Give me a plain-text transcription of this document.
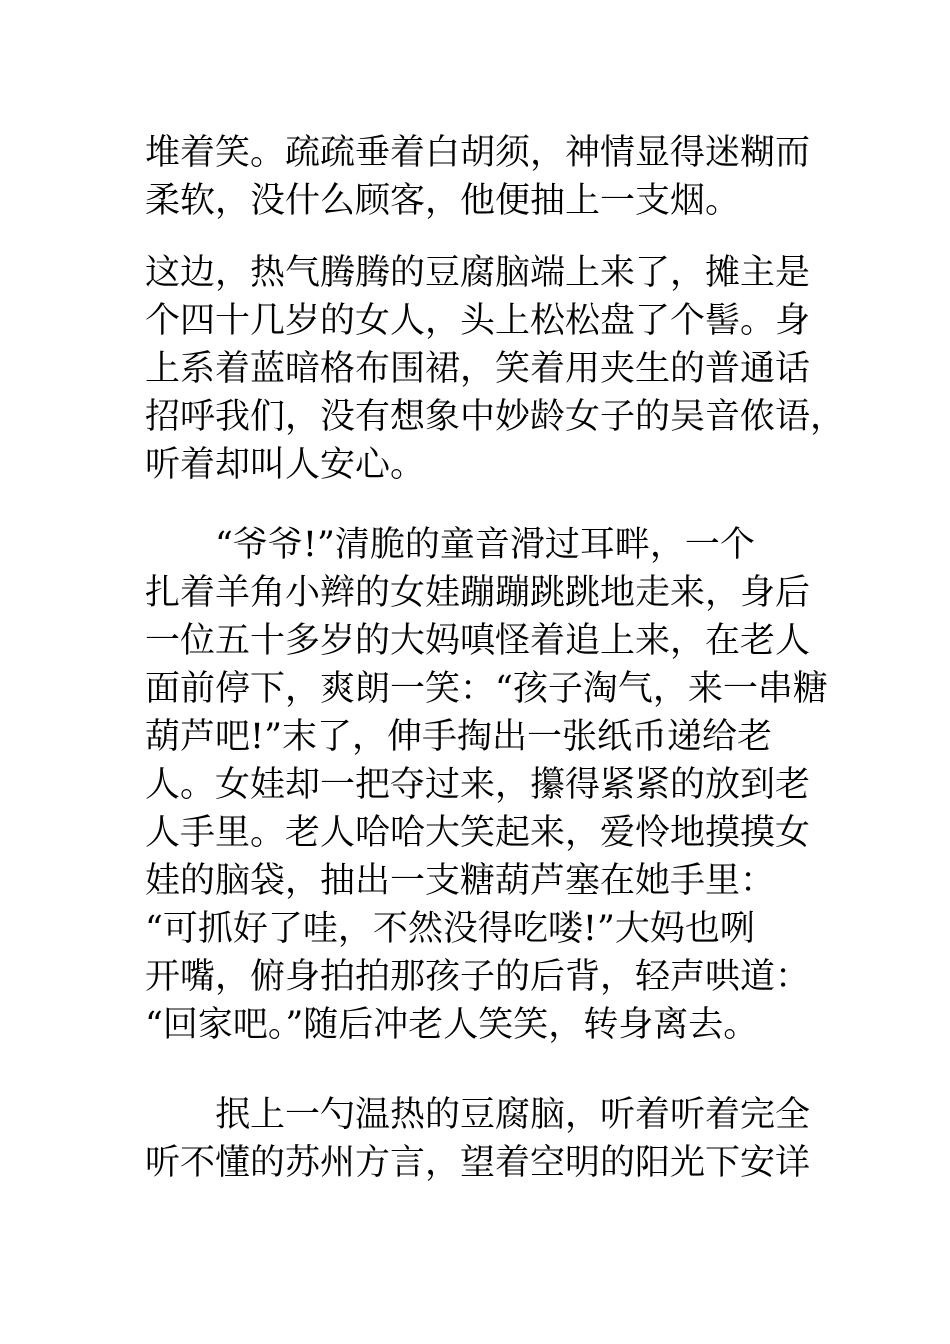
堆着笑。疏疏垂着白胡须，神情显得迷糊而
柔软，没什么顾客，他便抽上一支烟。
这边，热气腾腾的豆腐脑端上来了，摊主是
个四十几岁的女人，头上松松盘了个髻。身
上系着蓝暗格布围裙，笑着用夹生的普通话
招呼我们，没有想象中妙龄女子的吴音侬语，
听着却叫人安心。
　　“爷爷!”清脆的童音滑过耳畔，一个
扎着羊角小辫的女娃蹦蹦跳跳地走来，身后
一位五十多岁的大妈嗔怪着追上来，在老人
面前停下，爽朗一笑：“孩子淘气，来一串糖
葫芦吧!”末了，伸手掏出一张纸币递给老
人。女娃却一把夺过来，攥得紧紧的放到老
人手里。老人哈哈大笑起来，爱怜地摸摸女
娃的脑袋，抽出一支糖葫芦塞在她手里：
“可抓好了哇，不然没得吃喽!”大妈也咧
开嘴，俯身拍拍那孩子的后背，轻声哄道：
“回家吧。”随后冲老人笑笑，转身离去。
　　抿上一勺温热的豆腐脑，听着听着完全
听不懂的苏州方言，望着空明的阳光下安详
